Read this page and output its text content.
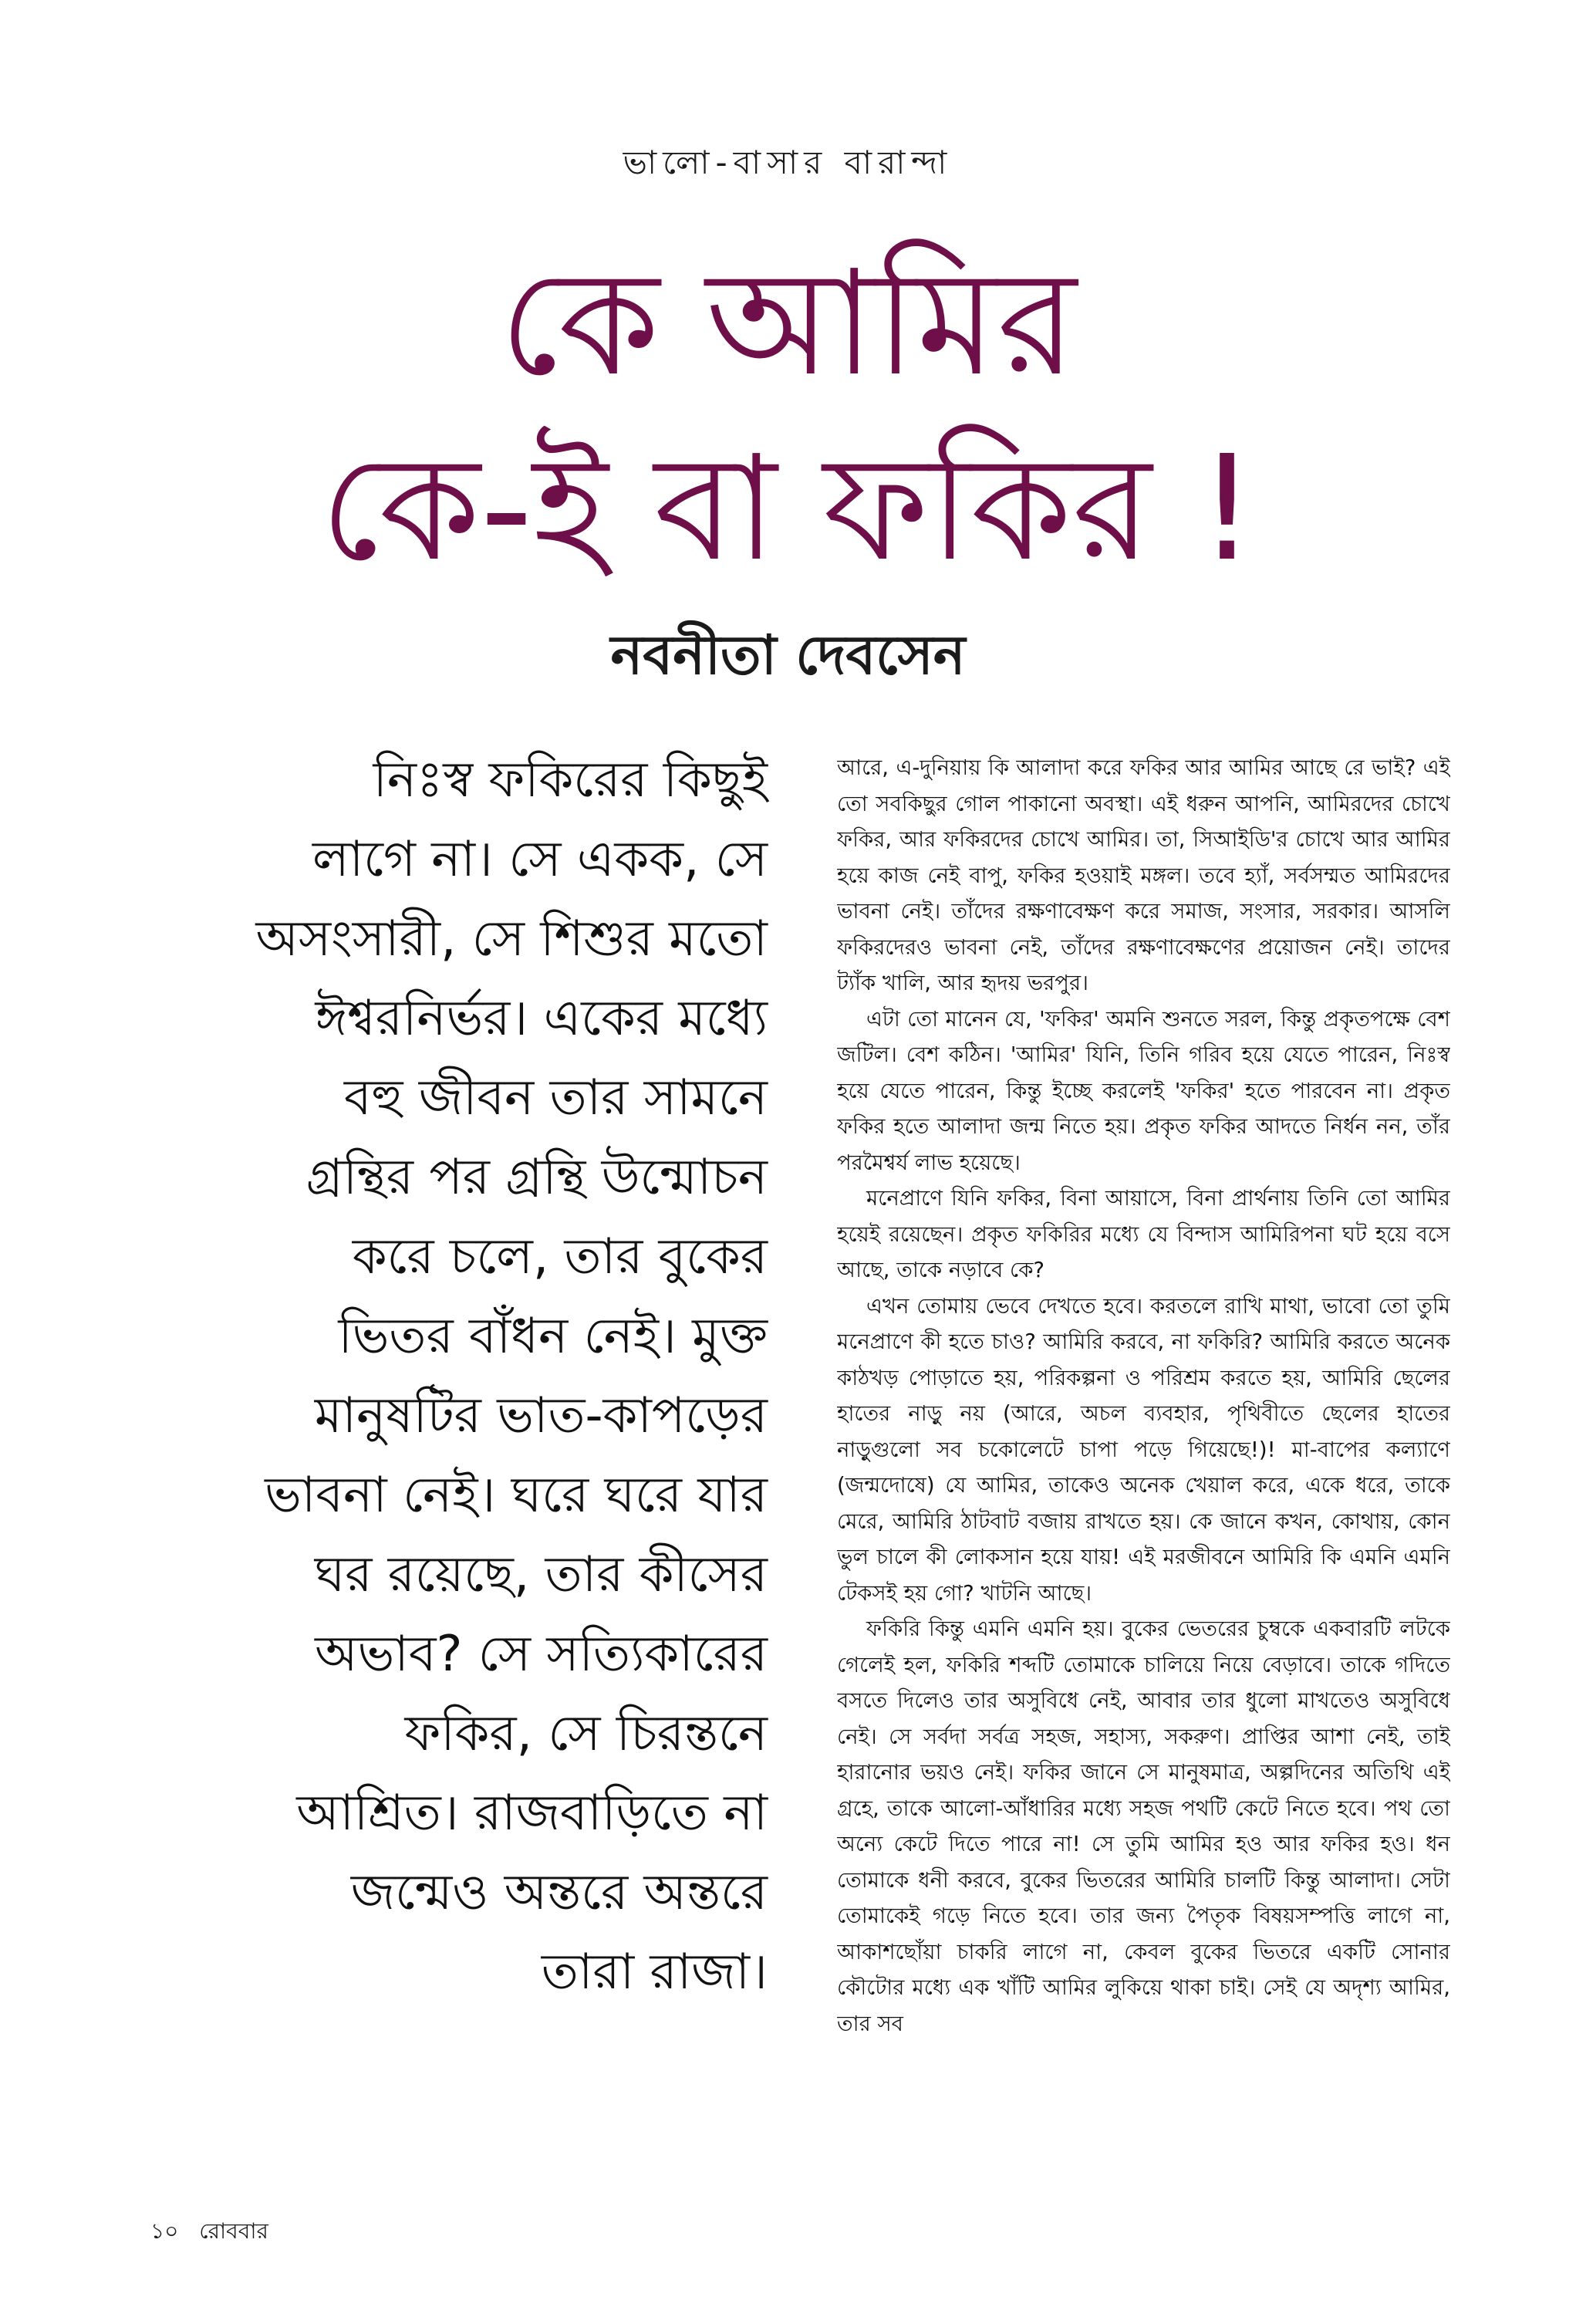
ভালো-বাসার বারান্দা
কে আমির
কে-ই বা ফকির !
নবনীতা দেবসেন
নিঃস্ব ফকিরের কিছুই
লাগে না। সে একক, সে
অসংসারী, সে শিশুর মতো
ঈশ্বরনির্ভর। একের মধ্যে
বহু জীবন তার সামনে
গ্রন্থির পর গ্রন্থি উন্মোচন
করে চলে, তার বুকের
ভিতর বাঁধন নেই। মুক্ত
মানুষটির ভাত-কাপড়ের
ভাবনা নেই। ঘরে ঘরে যার
ঘর রয়েছে, তার কীসের
অভাব? সে সত্যিকারের
ফকির, সে চিরন্তনে
আশ্রিত। রাজবাড়িতে না
জন্মেও অন্তরে অন্তরে
তারা রাজা।

আরে, এ-দুনিয়ায় কি আলাদা করে ফকির আর আমির আছে রে ভাই? এই তো সবকিছুর গোল পাকানো অবস্থা। এই ধরুন আপনি, আমিরদের চোখে ফকির, আর ফকিরদের চোখে আমির। তা, সিআইডি'র চোখে আর আমির হয়ে কাজ নেই বাপু, ফকির হওয়াই মঙ্গল। তবে হ্যাঁ, সর্বসম্মত আমিরদের ভাবনা নেই। তাঁদের রক্ষণাবেক্ষণ করে সমাজ, সংসার, সরকার। আসলি ফকিরদেরও ভাবনা নেই, তাঁদের রক্ষণাবেক্ষণের প্রয়োজন নেই। তাদের ট্যাঁক খালি, আর হৃদয় ভরপুর।

এটা তো মানেন যে, 'ফকির' অমনি শুনতে সরল, কিন্তু প্রকৃতপক্ষে বেশ জটিল। বেশ কঠিন। 'আমির' যিনি, তিনি গরিব হয়ে যেতে পারেন, নিঃস্ব হয়ে যেতে পারেন, কিন্তু ইচ্ছে করলেই 'ফকির' হতে পারবেন না। প্রকৃত ফকির হতে আলাদা জন্ম নিতে হয়। প্রকৃত ফকির আদতে নির্ধন নন, তাঁর পরমৈশ্বর্য লাভ হয়েছে।

মনেপ্রাণে যিনি ফকির, বিনা আয়াসে, বিনা প্রার্থনায় তিনি তো আমির হয়েই রয়েছেন। প্রকৃত ফকিরির মধ্যে যে বিন্দাস আমিরিপনা ঘট হয়ে বসে আছে, তাকে নড়াবে কে?

এখন তোমায় ভেবে দেখতে হবে। করতলে রাখি মাথা, ভাবো তো তুমি মনেপ্রাণে কী হতে চাও? আমিরি করবে, না ফকিরি? আমিরি করতে অনেক কাঠখড় পোড়াতে হয়, পরিকল্পনা ও পরিশ্রম করতে হয়, আমিরি ছেলের হাতের নাড়ু নয় (আরে, অচল ব্যবহার, পৃথিবীতে ছেলের হাতের নাড়ুগুলো সব চকোলেটে চাপা পড়ে গিয়েছে!)! মা-বাপের কল্যাণে (জন্মদোষে) যে আমির, তাকেও অনেক খেয়াল করে, একে ধরে, তাকে মেরে, আমিরি ঠাটবাট বজায় রাখতে হয়। কে জানে কখন, কোথায়, কোন ভুল চালে কী লোকসান হয়ে যায়! এই মরজীবনে আমিরি কি এমনি এমনি টেকসই হয় গো? খাটনি আছে।

ফকিরি কিন্তু এমনি এমনি হয়। বুকের ভেতরের চুম্বকে একবারটি লটকে গেলেই হল, ফকিরি শব্দটি তোমাকে চালিয়ে নিয়ে বেড়াবে। তাকে গদিতে বসতে দিলেও তার অসুবিধে নেই, আবার তার ধুলো মাখতেও অসুবিধে নেই। সে সর্বদা সর্বত্র সহজ, সহাস্য, সকরুণ। প্রাপ্তির আশা নেই, তাই হারানোর ভয়ও নেই। ফকির জানে সে মানুষমাত্র, অল্পদিনের অতিথি এই গ্রহে, তাকে আলো-আঁধারির মধ্যে সহজ পথটি কেটে নিতে হবে। পথ তো অন্যে কেটে দিতে পারে না! সে তুমি আমির হও আর ফকির হও। ধন তোমাকে ধনী করবে, বুকের ভিতরের আমিরি চালটি কিন্তু আলাদা। সেটা তোমাকেই গড়ে নিতে হবে। তার জন্য পৈতৃক বিষয়সম্পত্তি লাগে না, আকাশছোঁয়া চাকরি লাগে না, কেবল বুকের ভিতরে একটি সোনার কৌটোর মধ্যে এক খাঁটি আমির লুকিয়ে থাকা চাই। সেই যে অদৃশ্য আমির, তার সব

১০ রোববার
